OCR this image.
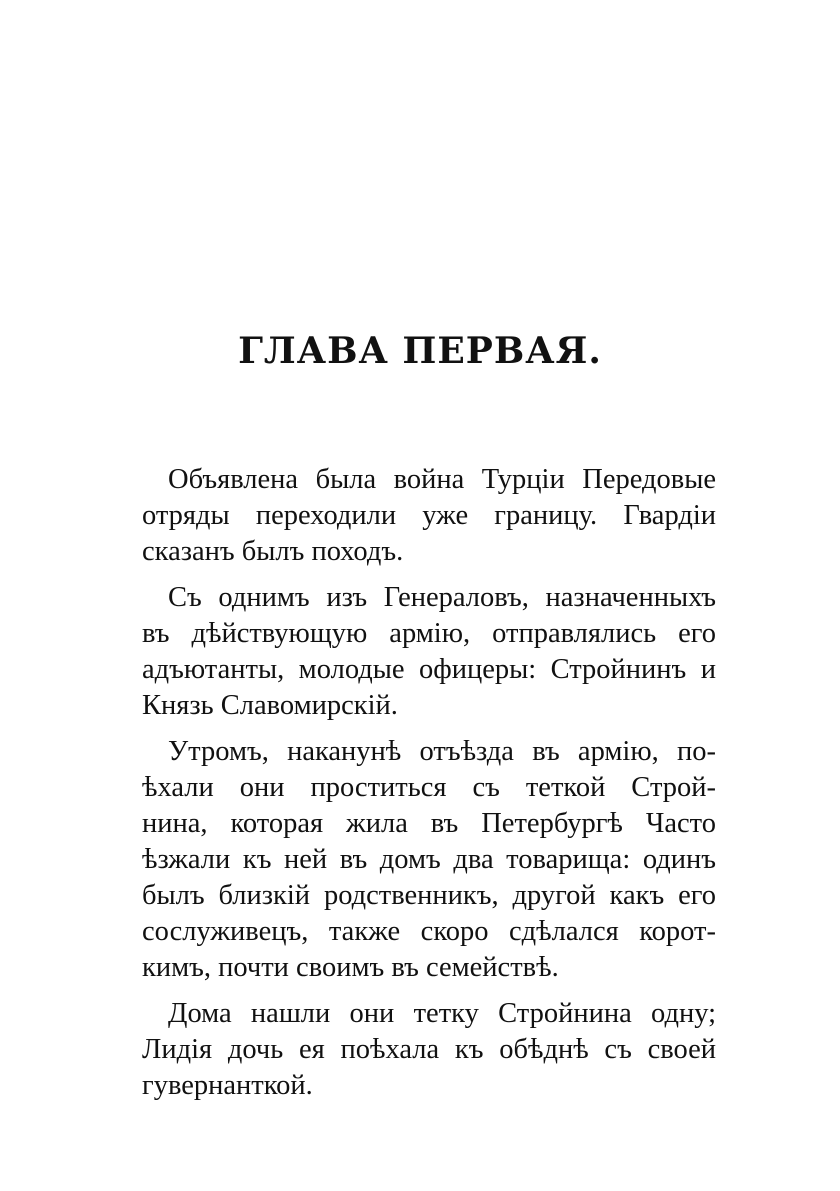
ГЛАВА ПЕРВАЯ.
Объявлена была война Турціи Передовые
отряды переходили уже границу. Гвардіи
сказанъ былъ походъ.
Съ однимъ изъ Генераловъ, назначенныхъ
въ дѣйствующую армію, отправлялись его
адъютанты, молодые офицеры: Стройнинъ и
Князь Славомирскій.
Утромъ, наканунѣ отъѣзда въ армію, по-
ѣхали они проститься съ теткой Строй-
нина, которая жила въ Петербургѣ Часто
ѣзжали къ ней въ домъ два товарища: одинъ
былъ близкій родственникъ, другой какъ его
сослуживецъ, также скоро сдѣлался корот-
кимъ, почти своимъ въ семействѣ.
Дома нашли они тетку Стройнина одну;
Лидія дочь ея поѣхала къ обѣднѣ съ своей
гувернанткой.
